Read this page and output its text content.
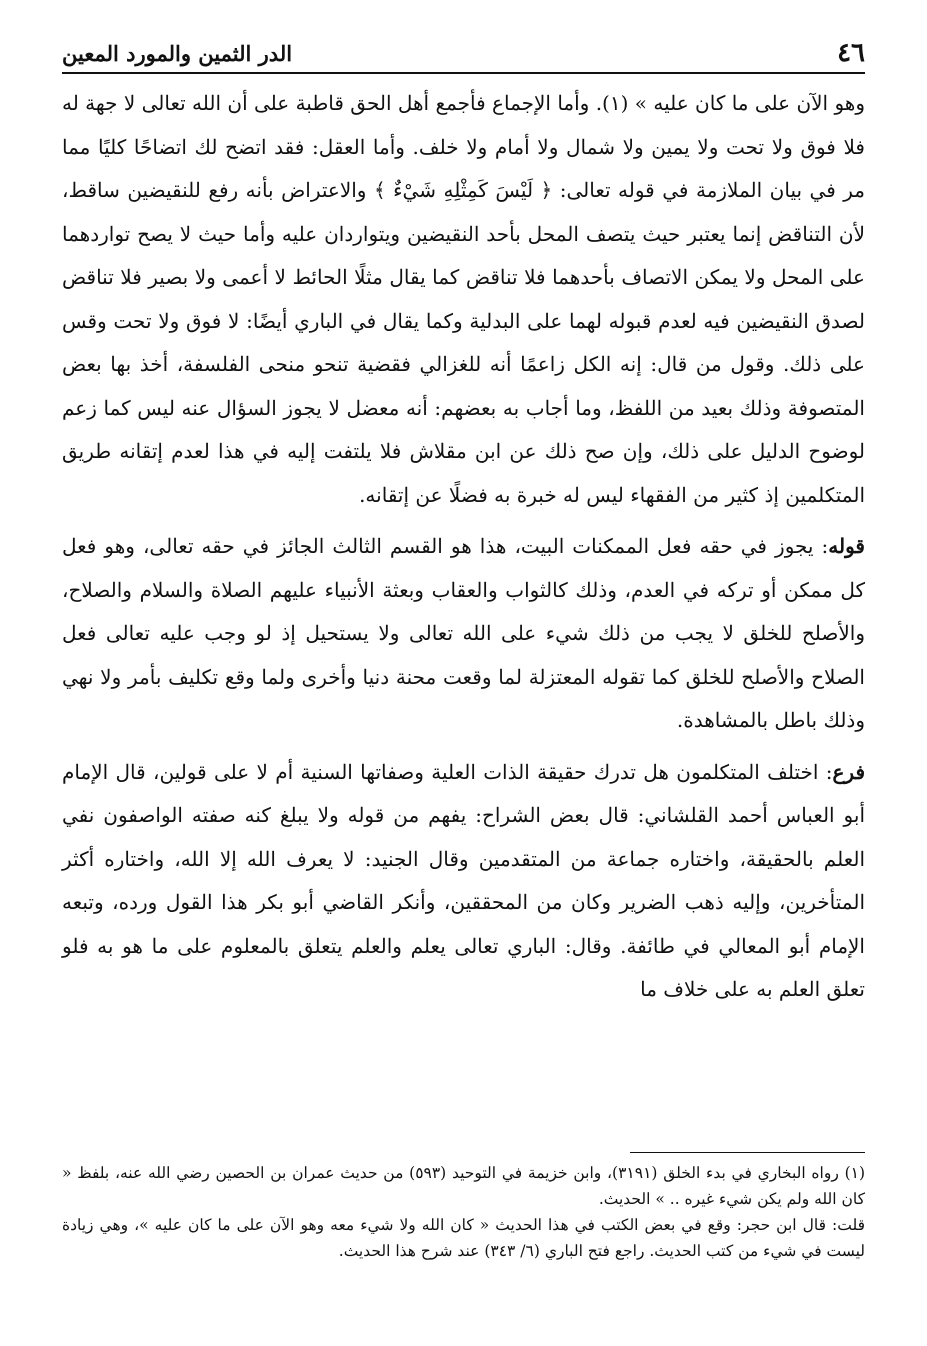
٤٦
الدر الثمين والمورد المعين

وهو الآن على ما كان عليه » (١). وأما الإجماع فأجمع أهل الحق قاطبة على أن الله تعالى لا جهة له فلا فوق ولا تحت ولا يمين ولا شمال ولا أمام ولا خلف. وأما العقل: فقد اتضح لك اتضاحًا كليًا مما مر في بيان الملازمة في قوله تعالى: ﴿ لَيْسَ كَمِثْلِهِ شَيْءٌ ﴾ والاعتراض بأنه رفع للنقيضين ساقط، لأن التناقض إنما يعتبر حيث يتصف المحل بأحد النقيضين ويتواردان عليه وأما حيث لا يصح تواردهما على المحل ولا يمكن الاتصاف بأحدهما فلا تناقض كما يقال مثلًا الحائط لا أعمى ولا بصير فلا تناقض لصدق النقيضين فيه لعدم قبوله لهما على البدلية وكما يقال في الباري أيضًا: لا فوق ولا تحت وقس على ذلك. وقول من قال: إنه الكل زاعمًا أنه للغزالي فقضية تنحو منحى الفلسفة، أخذ بها بعض المتصوفة وذلك بعيد من اللفظ، وما أجاب به بعضهم: أنه معضل لا يجوز السؤال عنه ليس كما زعم لوضوح الدليل على ذلك، وإن صح ذلك عن ابن مقلاش فلا يلتفت إليه في هذا لعدم إتقانه طريق المتكلمين إذ كثير من الفقهاء ليس له خبرة به فضلًا عن إتقانه.

قوله: يجوز في حقه فعل الممكنات البيت، هذا هو القسم الثالث الجائز في حقه تعالى، وهو فعل كل ممكن أو تركه في العدم، وذلك كالثواب والعقاب وبعثة الأنبياء عليهم الصلاة والسلام والصلاح، والأصلح للخلق لا يجب من ذلك شيء على الله تعالى ولا يستحيل إذ لو وجب عليه تعالى فعل الصلاح والأصلح للخلق كما تقوله المعتزلة لما وقعت محنة دنيا وأخرى ولما وقع تكليف بأمر ولا نهي وذلك باطل بالمشاهدة.

فرع: اختلف المتكلمون هل تدرك حقيقة الذات العلية وصفاتها السنية أم لا على قولين، قال الإمام أبو العباس أحمد القلشاني: قال بعض الشراح: يفهم من قوله ولا يبلغ كنه صفته الواصفون نفي العلم بالحقيقة، واختاره جماعة من المتقدمين وقال الجنيد: لا يعرف الله إلا الله، واختاره أكثر المتأخرين، وإليه ذهب الضرير وكان من المحققين، وأنكر القاضي أبو بكر هذا القول ورده، وتبعه الإمام أبو المعالي في طائفة. وقال: الباري تعالى يعلم والعلم يتعلق بالمعلوم على ما هو به فلو تعلق العلم به على خلاف ما

(١) رواه البخاري في بدء الخلق (٣١٩١)، وابن خزيمة في التوحيد (٥٩٣) من حديث عمران بن الحصين رضي الله عنه، بلفظ « كان الله ولم يكن شيء غيره .. » الحديث.

قلت: قال ابن حجر: وقع في بعض الكتب في هذا الحديث « كان الله ولا شيء معه وهو الآن على ما كان عليه »، وهي زيادة ليست في شيء من كتب الحديث. راجع فتح الباري (٦/ ٣٤٣) عند شرح هذا الحديث.
